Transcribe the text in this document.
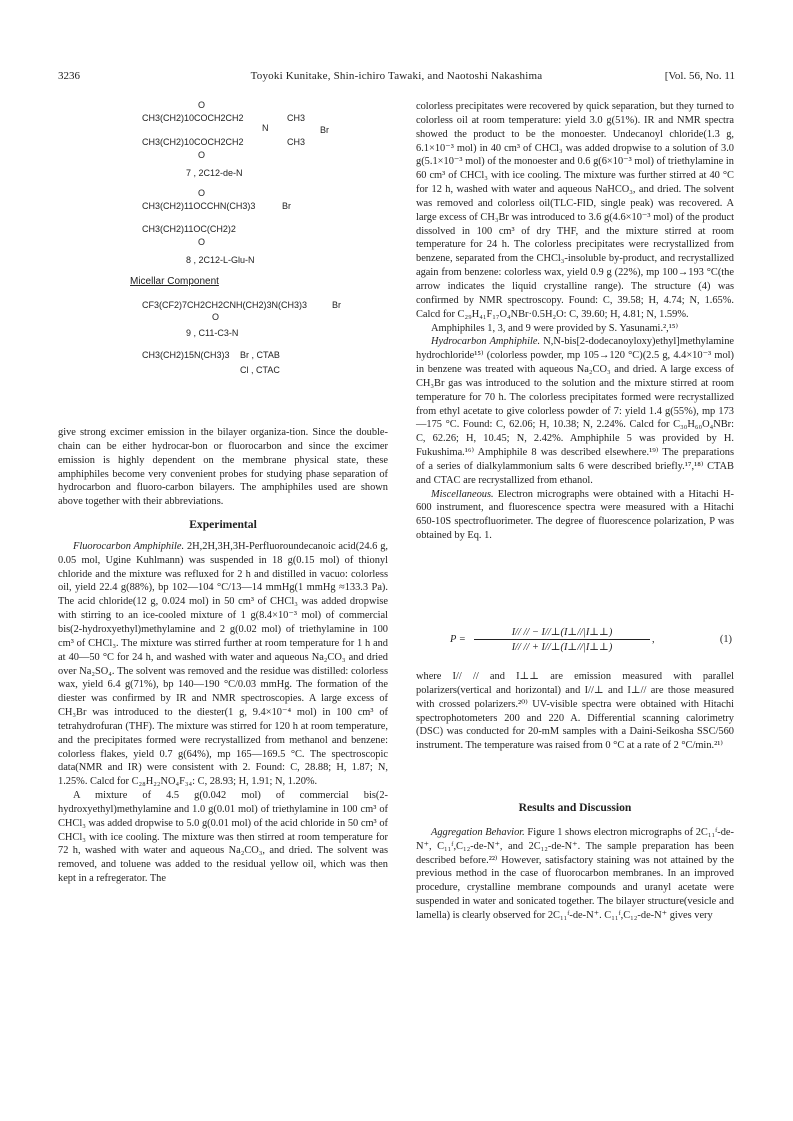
3236	Toyoki Kunitake, Shin-ichiro Tawaki, and Naotoshi Nakashima	[Vol. 56, No. 11
O
CH3(CH2)10COCH2CH2
N
CH3
Br
CH3(CH2)10COCH2CH2	CH3
O
7 , 2C12-de-N
O
CH3(CH2)11OCCHN(CH3)3	Br
CH3(CH2)11OC(CH2)2
O
8 , 2C12-L-Glu-N
Micellar Component
CF3(CF2)7CH2CH2CNH(CH2)3N(CH3)3	Br
O
9 , C11-C3-N
CH3(CH2)15N(CH3)3 Br , CTAB
Cl , CTAC

give strong excimer emission in the bilayer organiza-tion. Since the double-chain can be either hydrocar-bon or fluorocarbon and since the excimer emission is highly dependent on the membrane physical state, these amphiphiles become very convenient probes for studying phase separation of hydrocarbon and fluoro-carbon bilayers. The amphiphiles used are shown above together with their abbreviations.

Experimental

Fluorocarbon Amphiphile. 2H,2H,3H,3H-Perfluoroundecanoic acid(24.6 g, 0.05 mol, Ugine Kuhlmann) was suspended in 18 g(0.15 mol) of thionyl chloride and the mixture was refluxed for 2 h and distilled in vacuo: colorless oil, yield 22.4 g(88%), bp 102—104 °C/13—14 mmHg(1 mmHg ≈133.3 Pa). The acid chloride(12 g, 0.024 mol) in 50 cm³ of CHCl₃ was added dropwise with stirring to an ice-cooled mixture of 1 g(8.4×10⁻³ mol) of commercial bis(2-hydroxyethyl)methylamine and 2 g(0.02 mol) of triethylamine in 100 cm³ of CHCl₃. The mixture was stirred further at room temperature for 1 h and at 40—50 °C for 24 h, and washed with water and aqueous Na₂CO₃ and dried over Na₂SO₄. The solvent was removed and the residue was distilled: colorless wax, yield 6.4 g(71%), bp 140—190 °C/0.03 mmHg. The formation of the diester was confirmed by IR and NMR spectroscopies. A large excess of CH₃Br was introduced to the diester(1 g, 9.4×10⁻⁴ mol) in 100 cm³ of tetrahydrofuran (THF). The mixture was stirred for 120 h at room temperature, and the precipitates formed were recrystallized from methanol and benzene: colorless flakes, yield 0.7 g(64%), mp 165—169.5 °C. The spectroscopic data(NMR and IR) were consistent with 2. Found: C, 28.88; H, 1.87; N, 1.25%. Calcd for C₂₈H₂₂NO₄F₃₄: C, 28.93; H, 1.91; N, 1.20%.

A mixture of 4.5 g(0.042 mol) of commercial bis(2-hydroxyethyl)methylamine and 1.0 g(0.01 mol) of triethylamine in 100 cm³ of CHCl₃ was added dropwise to 5.0 g(0.01 mol) of the acid chloride in 50 cm³ of CHCl₃ with ice cooling. The mixture was then stirred at room temperature for 72 h, washed with water and aqueous Na₂CO₃, and dried. The solvent was removed, and toluene was added to the residual yellow oil, which was then kept in a refregerator. The

colorless precipitates were recovered by quick separation, but they turned to colorless oil at room temperature: yield 3.0 g(51%). IR and NMR spectra showed the product to be the monoester. Undecanoyl chloride(1.3 g, 6.1×10⁻³ mol) in 40 cm³ of CHCl₃ was added dropwise to a solution of 3.0 g(5.1×10⁻³ mol) of the monoester and 0.6 g(6×10⁻³ mol) of triethylamine in 60 cm³ of CHCl₃ with ice cooling. The mixture was further stirred at 40 °C for 12 h, washed with water and aqueous NaHCO₃, and dried. The solvent was removed and colorless oil(TLC-FID, single peak) was recovered. A large excess of CH₃Br was introduced to 3.6 g(4.6×10⁻³ mol) of the product dissolved in 100 cm³ of dry THF, and the mixture stirred at room temperature for 24 h. The colorless precipitates were recrystallized from benzene, separated from the CHCl₃-insoluble by-product, and recrystallized again from benzene: colorless wax, yield 0.9 g (22%), mp 100→193 °C(the arrow indicates the liquid crystalline range). The structure (4) was confirmed by NMR spectroscopy. Found: C, 39.58; H, 4.74; N, 1.65%. Calcd for C₂₉H₄₁F₁₇O₄NBr·0.5H₂O: C, 39.60; H, 4.81; N, 1.59%.

Amphiphiles 1, 3, and 9 were provided by S. Yasunami.²,¹⁵⁾

Hydrocarbon Amphiphile. N,N-bis[2-dodecanoyloxy)ethyl]methylamine hydrochloride¹⁵⁾ (colorless powder, mp 105→120 °C)(2.5 g, 4.4×10⁻³ mol) in benzene was treated with aqueous Na₂CO₃ and dried. A large excess of CH₃Br gas was introduced to the solution and the mixture stirred at room temperature for 70 h. The colorless precipitates formed were recrystallized from ethyl acetate to give colorless powder of 7: yield 1.4 g(55%), mp 173—175 °C. Found: C, 62.06; H, 10.38; N, 2.24%. Calcd for C₃₀H₆₀O₄NBr: C, 62.26; H, 10.45; N, 2.42%. Amphiphile 5 was provided by H. Fukushima.¹⁶⁾ Amphiphile 8 was described elsewhere.¹⁹⁾ The preparations of a series of dialkylammonium salts 6 were described briefly.¹⁷,¹⁸⁾ CTAB and CTAC are recrystallized from ethanol.

Miscellaneous. Electron micrographs were obtained with a Hitachi H-600 instrument, and fluorescence spectra were measured with a Hitachi 650-10S spectrofluorimeter. The degree of fluorescence polarization, P was obtained by Eq. 1.

$P = \frac{I// // - I//\perp(I\perp//|I\perp\perp)}{I// // + I//\perp(I\perp//|I\perp\perp)}$ ,	(1)

where I// // and I⊥⊥ are emission measured with parallel polarizers(vertical and horizontal) and I//⊥ and I⊥// are those measured with crossed polarizers.²⁰⁾ UV-visible spectra were obtained with Hitachi spectrophotometers 200 and 220 A. Differential scanning calorimetry (DSC) was conducted for 20-mM samples with a Daini-Seikosha SSC/560 instrument. The temperature was raised from 0 °C at a rate of 2 °C/min.²¹⁾

Results and Discussion

Aggregation Behavior. Figure 1 shows electron micrographs of 2C₁₁ᶠ-de-N⁺, C₁₁ᶠ,C₁₂-de-N⁺, and 2C₁₂-de-N⁺. The sample preparation has been described before.²²⁾ However, satisfactory staining was not attained by the previous method in the case of fluorocarbon membranes. In an improved procedure, crystalline membrane compounds and uranyl acetate were suspended in water and sonicated together. The bilayer structure(vesicle and lamella) is clearly observed for 2C₁₁ᶠ-de-N⁺. C₁₁ᶠ,C₁₂-de-N⁺ gives very
